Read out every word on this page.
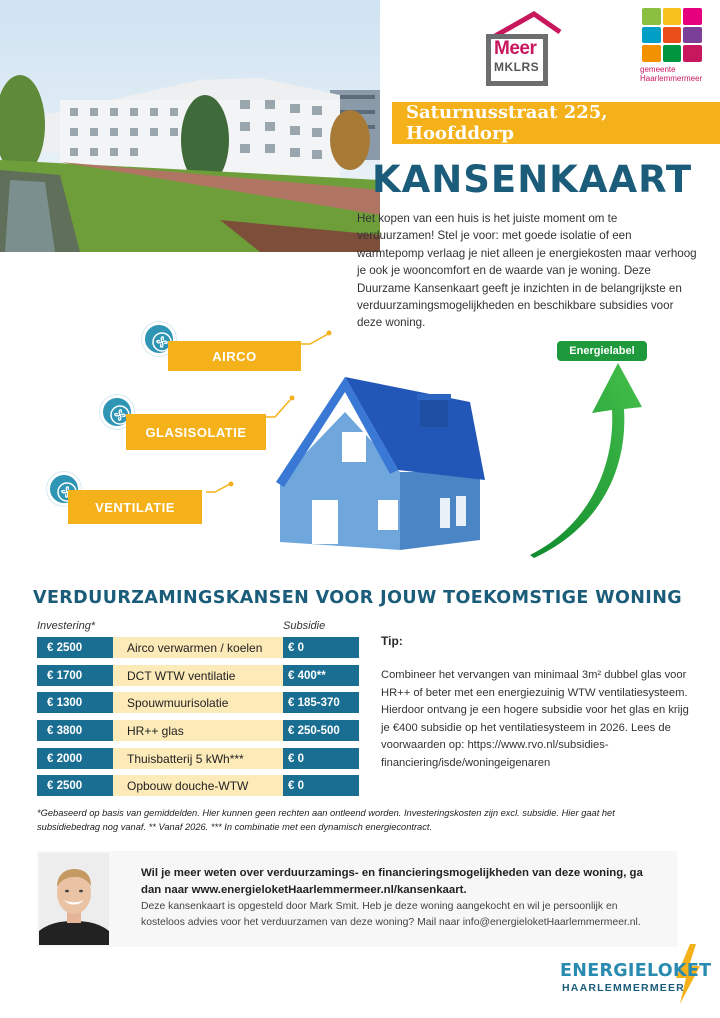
Meer
MKLRS	gemeente
Haarlemmermeer
Saturnusstraat 225, Hoofddorp
KANSENKAART
Het kopen van een huis is het juiste moment om te verduurzamen! Stel je voor: met goede isolatie of een warmtepomp verlaag je niet alleen je energiekosten maar verhoog je ook je wooncomfort en de waarde van je woning. Deze Duurzame Kansenkaart geeft je inzichten in de belangrijkste en verduurzamingsmogelijkheden en beschikbare subsidies voor deze woning.
AIRCO
GLASISOLATIE
VENTILATIE
Energielabel
VERDUURZAMINGSKANSEN VOOR JOUW TOEKOMSTIGE WONING
Investering*	Subsidie
€ 2500	Airco verwarmen / koelen	€ 0
€ 1700	DCT WTW ventilatie	€ 400**
€ 1300	Spouwmuurisolatie	€ 185-370
€ 3800	HR++ glas	€ 250-500
€ 2000	Thuisbatterij 5 kWh***	€ 0
€ 2500	Opbouw douche-WTW	€ 0
Tip:
Combineer het vervangen van minimaal 3m² dubbel glas voor HR++ of beter met een energiezuinig WTW ventilatiesysteem. Hierdoor ontvang je een hogere subsidie voor het glas en krijg je €400 subsidie op het ventilatiesysteem in 2026. Lees de voorwaarden op: https://www.rvo.nl/subsidies-financiering/isde/woningeigenaren
*Gebaseerd op basis van gemiddelden. Hier kunnen geen rechten aan ontleend worden. Investeringskosten zijn excl. subsidie. Hier gaat het subsidiebedrag nog vanaf. ** Vanaf 2026. *** In combinatie met een dynamisch energiecontract.
Wil je meer weten over verduurzamings- en financieringsmogelijkheden van deze woning, ga dan naar www.energieloketHaarlemmermeer.nl/kansenkaart.
Deze kansenkaart is opgesteld door Mark Smit. Heb je deze woning aangekocht en wil je persoonlijk en kosteloos advies voor het verduurzamen van deze woning? Mail naar info@energieloketHaarlemmermeer.nl.
ENERGIELOKET
HAARLEMMERMEER
